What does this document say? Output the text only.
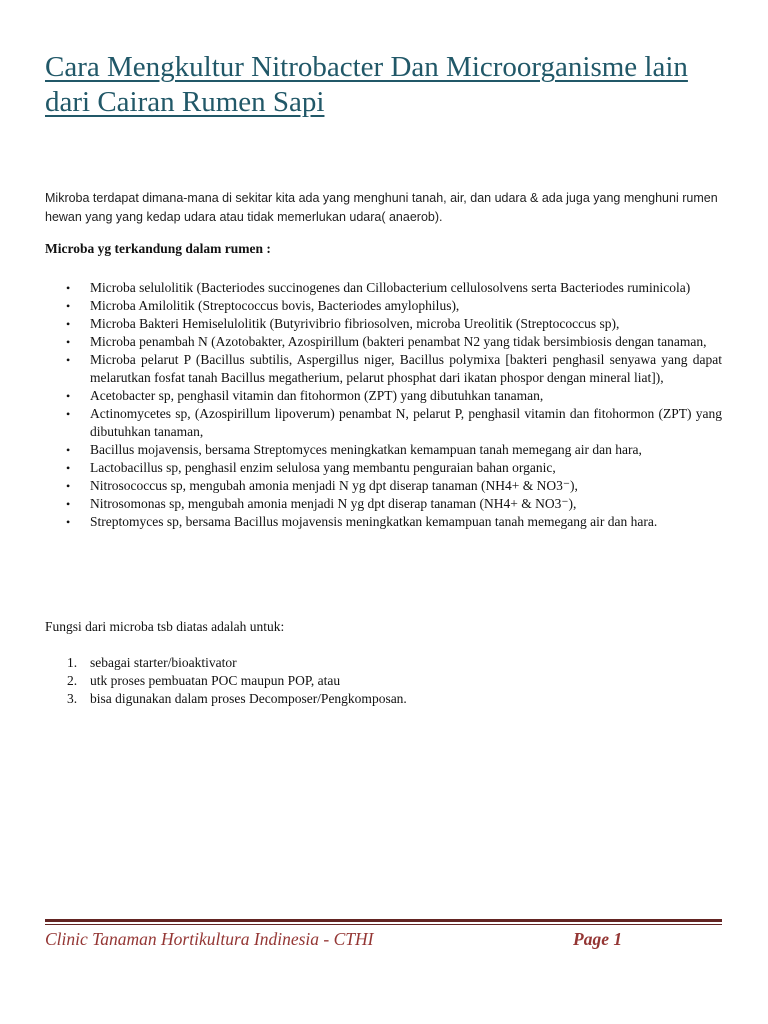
Cara Mengkultur Nitrobacter Dan Microorganisme lain dari Cairan Rumen Sapi

Mikroba terdapat dimana-mana di sekitar kita ada yang menghuni tanah, air, dan udara & ada juga yang menghuni rumen hewan yang yang kedap udara atau tidak memerlukan udara( anaerob).

Microba yg terkandung dalam rumen :

• Microba selulolitik (Bacteriodes succinogenes dan Cillobacterium cellulosolvens serta Bacteriodes ruminicola)
• Microba Amilolitik (Streptococcus bovis, Bacteriodes amylophilus),
• Microba Bakteri Hemiselulolitik (Butyrivibrio fibriosolven, microba Ureolitik (Streptococcus sp),
• Microba penambah N (Azotobakter, Azospirillum (bakteri penambat N2 yang tidak bersimbiosis dengan tanaman,
• Microba pelarut P (Bacillus subtilis, Aspergillus niger, Bacillus polymixa [bakteri penghasil senyawa yang dapat melarutkan fosfat tanah Bacillus megatherium, pelarut phosphat dari ikatan phospor dengan mineral liat]),
• Acetobacter sp, penghasil vitamin dan fitohormon (ZPT) yang dibutuhkan tanaman,
• Actinomycetes sp, (Azospirillum lipoverum) penambat N, pelarut P, penghasil vitamin dan fitohormon (ZPT) yang dibutuhkan tanaman,
• Bacillus mojavensis, bersama Streptomyces meningkatkan kemampuan tanah memegang air dan hara,
• Lactobacillus sp, penghasil enzim selulosa yang membantu penguraian bahan organic,
• Nitrosococcus sp, mengubah amonia menjadi N yg dpt diserap tanaman (NH4+ & NO3⁻),
• Nitrosomonas sp, mengubah amonia menjadi N yg dpt diserap tanaman (NH4+ & NO3⁻),
• Streptomyces sp, bersama Bacillus mojavensis meningkatkan kemampuan tanah memegang air dan hara.

Fungsi dari microba tsb diatas adalah untuk:

1. sebagai starter/bioaktivator
2. utk proses pembuatan POC maupun POP, atau
3. bisa digunakan dalam proses Decomposer/Pengkomposan.

Clinic Tanaman Hortikultura Indinesia - CTHI	Page 1
